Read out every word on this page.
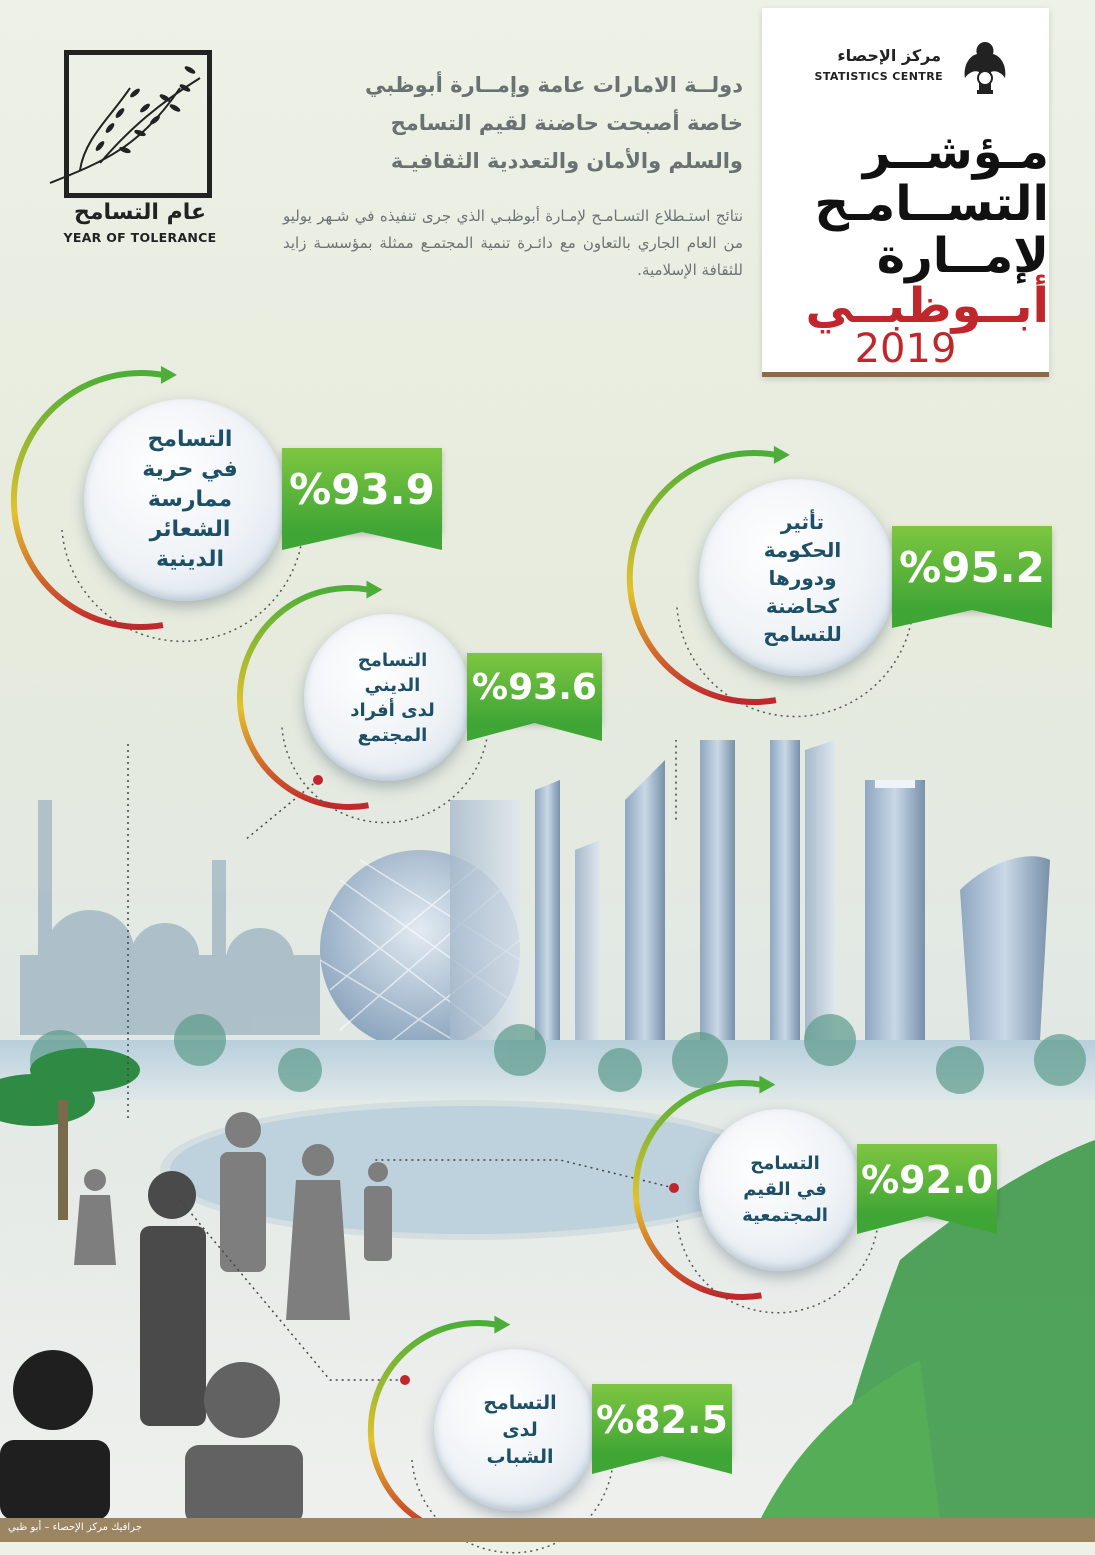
عام التسامح
YEAR OF TOLERANCE
مركز الإحصاء
STATISTICS CENTRE
مـؤشــر
التســامـح
لإمــارة
أبــوظبــي
2019
دولــة الامارات عامة وإمــارة أبوظبي
خاصة أصبحت حاضنة لقيم التسامح
والسلم والأمان والتعددية الثقافيـة
نتائج استـطلاع التسـامـح لإمـارة أبوظبـي الذي جرى تنفيذه في شـهر يوليو من العام الجاري بالتعاون مع دائـرة تنمية المجتمـع ممثلة بمؤسسـة زايد للثقافة الإسلامية.
التسامح
في حرية
ممارسة
الشعائر
الدينية
%93.9
تأثير
الحكومة
ودورها
كحاضنة
للتسامح
%95.2
التسامح
الديني
لدى أفراد
المجتمع
%93.6
التسامح
في القيم
المجتمعية
%92.0
التسامح
لدى
الشباب
%82.5
جرافيك مركز الإحصاء – أبو ظبي
